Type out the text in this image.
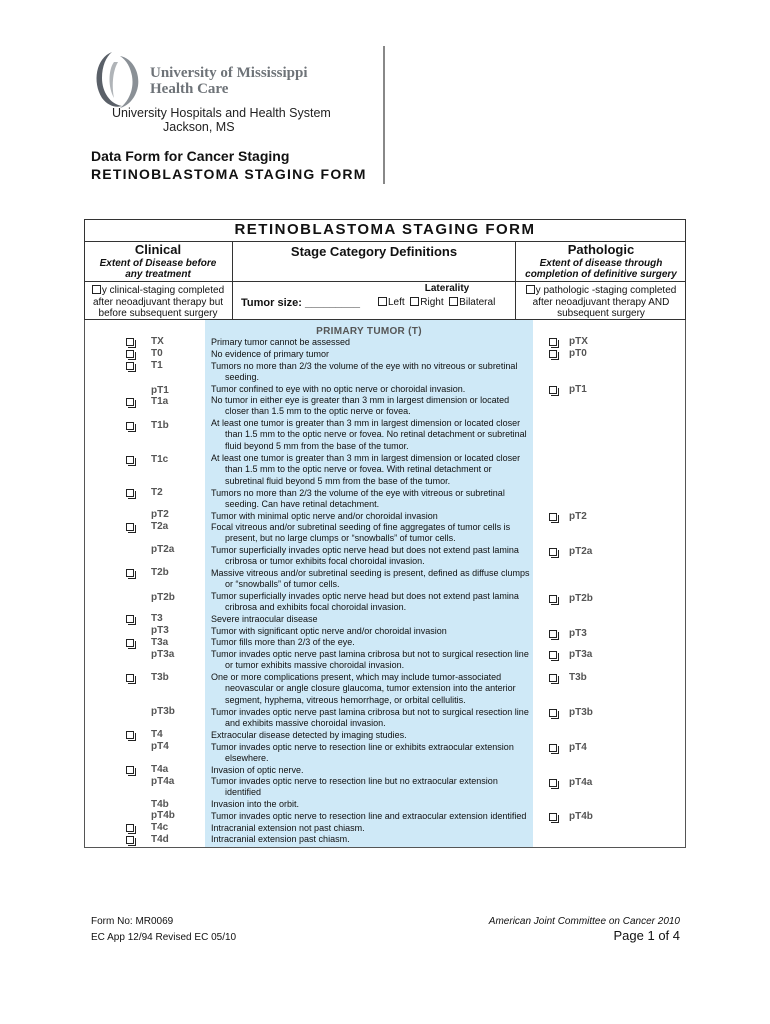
University of Mississippi
Health Care
University Hospitals and Health System
Jackson, MS
Data Form for Cancer Staging
RETINOBLASTOMA STAGING FORM
RETINOBLASTOMA STAGING FORM
Clinical
Extent of Disease before
any treatment
y clinical-staging completed
after neoadjuvant therapy but
before subsequent surgery
Stage Category Definitions
Tumor size: _________
Laterality
Left Right Bilateral
Pathologic
Extent of disease through
completion of definitive surgery
y pathologic -staging completed
after neoadjuvant therapy AND
subsequent surgery
PRIMARY TUMOR (T)
TX
T0
T1
pT1
T1a
T1b
T1c
T2
pT2
T2a
pT2a
T2b
pT2b
T3
pT3
T3a
pT3a
T3b
pT3b
T4
pT4
T4a
pT4a
T4b
pT4b
T4c
T4d
pTX
pT0
pT1
pT2
pT2a
pT2b
pT3
pT3a
T3b
pT3b
pT4
pT4a
pT4b
Primary tumor cannot be assessed
No evidence of primary tumor
Tumors no more than 2/3 the volume of the eye with no vitreous or subretinal
seeding.
Tumor confined to eye with no optic nerve or choroidal invasion.
No tumor in either eye is greater than 3 mm in largest dimension or located
closer than 1.5 mm to the optic nerve or fovea.
At least one tumor is greater than 3 mm in largest dimension or located closer
than 1.5 mm to the optic nerve or fovea. No retinal detachment or subretinal
fluid beyond 5 mm from the base of the tumor.
At least one tumor is greater than 3 mm in largest dimension or located closer
than 1.5 mm to the optic nerve or fovea. With retinal detachment or
subretinal fluid beyond 5 mm from the base of the tumor.
Tumors no more than 2/3 the volume of the eye with vitreous or subretinal
seeding. Can have retinal detachment.
Tumor with minimal optic nerve and/or choroidal invasion
Focal vitreous and/or subretinal seeding of fine aggregates of tumor cells is
present, but no large clumps or “snowballs” of tumor cells.
Tumor superficially invades optic nerve head but does not extend past lamina
cribrosa or tumor exhibits focal choroidal invasion.
Massive vitreous and/or subretinal seeding is present, defined as diffuse clumps
or “snowballs” of tumor cells.
Tumor superficially invades optic nerve head but does not extend past lamina
cribrosa and exhibits focal choroidal invasion.
Severe intraocular disease
Tumor with significant optic nerve and/or choroidal invasion
Tumor fills more than 2/3 of the eye.
Tumor invades optic nerve past lamina cribrosa but not to surgical resection line
or tumor exhibits massive choroidal invasion.
One or more complications present, which may include tumor-associated
neovascular or angle closure glaucoma, tumor extension into the anterior
segment, hyphema, vitreous hemorrhage, or orbital cellulitis.
Tumor invades optic nerve past lamina cribrosa but not to surgical resection line
and exhibits massive choroidal invasion.
Extraocular disease detected by imaging studies.
Tumor invades optic nerve to resection line or exhibits extraocular extension
elsewhere.
Invasion of optic nerve.
Tumor invades optic nerve to resection line but no extraocular extension
identified
Invasion into the orbit.
Tumor invades optic nerve to resection line and extraocular extension identified
Intracranial extension not past chiasm.
Intracranial extension past chiasm.
Form No: MR0069
EC App 12/94 Revised EC 05/10
American Joint Committee on Cancer 2010
Page 1 of 4
